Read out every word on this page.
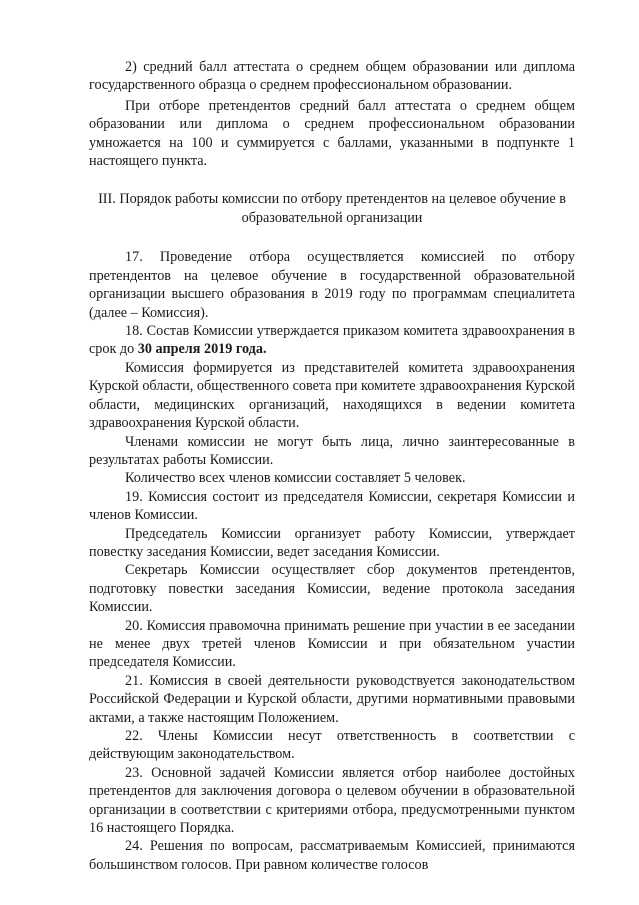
2) средний балл аттестата о среднем общем образовании или диплома государственного образца о среднем профессиональном образовании.

При отборе претендентов средний балл аттестата о среднем общем образовании или диплома о среднем профессиональном образовании умножается на 100 и суммируется с баллами, указанными в подпункте 1 настоящего пункта.

III. Порядок работы комиссии по отбору претендентов на целевое обучение в образовательной организации

17. Проведение отбора осуществляется комиссией по отбору претендентов на целевое обучение в государственной образовательной организации высшего образования в 2019 году по программам специалитета (далее – Комиссия).

18. Состав Комиссии утверждается приказом комитета здравоохранения в срок до 30 апреля 2019 года.

Комиссия формируется из представителей комитета здравоохранения Курской области, общественного совета при комитете здравоохранения Курской области, медицинских организаций, находящихся в ведении комитета здравоохранения Курской области.

Членами комиссии не могут быть лица, лично заинтересованные в результатах работы Комиссии.

Количество всех членов комиссии составляет 5 человек.

19. Комиссия состоит из председателя Комиссии, секретаря Комиссии и членов Комиссии.

Председатель Комиссии организует работу Комиссии, утверждает повестку заседания Комиссии, ведет заседания Комиссии.

Секретарь Комиссии осуществляет сбор документов претендентов, подготовку повестки заседания Комиссии, ведение протокола заседания Комиссии.

20. Комиссия правомочна принимать решение при участии в ее заседании не менее двух третей членов Комиссии и при обязательном участии председателя Комиссии.

21. Комиссия в своей деятельности руководствуется законодательством Российской Федерации и Курской области, другими нормативными правовыми актами, а также настоящим Положением.

22. Члены Комиссии несут ответственность в соответствии с действующим законодательством.

23. Основной задачей Комиссии является отбор наиболее достойных претендентов для заключения договора о целевом обучении в образовательной организации в соответствии с критериями отбора, предусмотренными пунктом 16 настоящего Порядка.

24. Решения по вопросам, рассматриваемым Комиссией, принимаются большинством голосов. При равном количестве голосов
